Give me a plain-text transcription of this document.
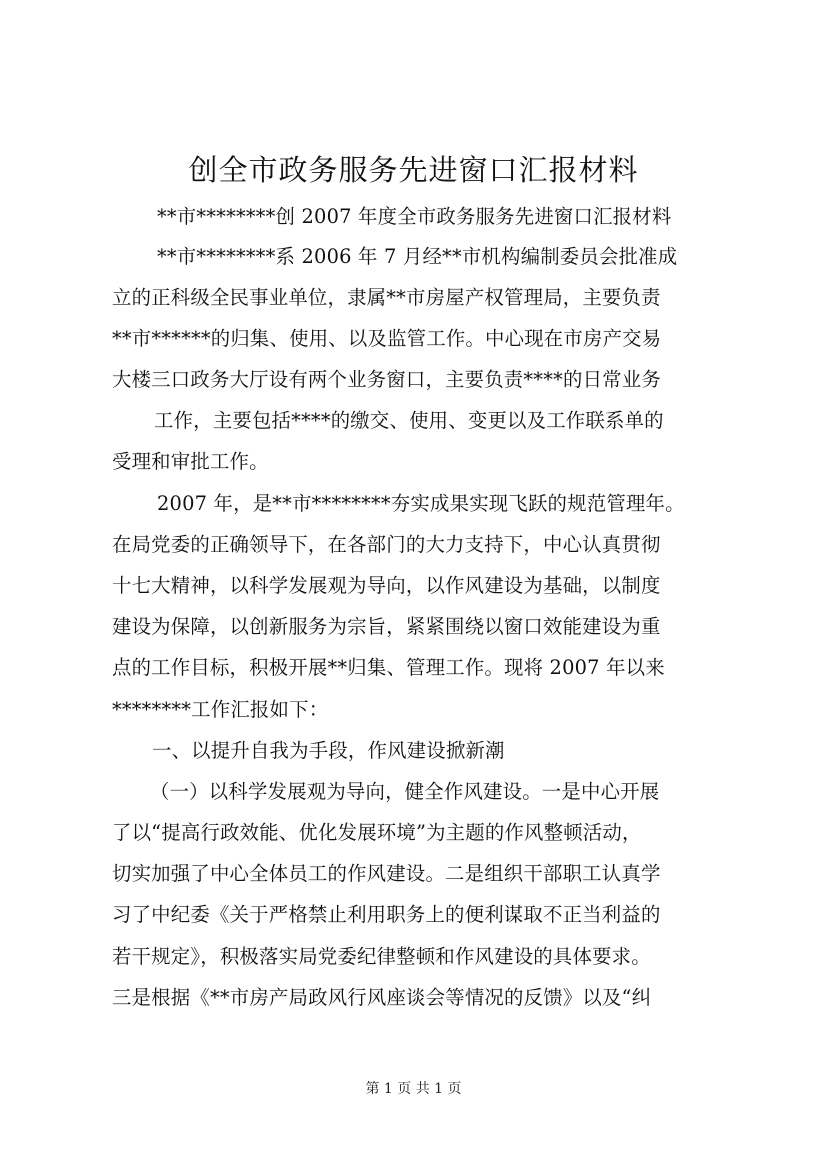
创全市政务服务先进窗口汇报材料
**市********创 2007 年度全市政务服务先进窗口汇报材料
**市********系 2006 年 7 月经**市机构编制委员会批准成
立的正科级全民事业单位，隶属**市房屋产权管理局，主要负责
**市******的归集、使用、以及监管工作。中心现在市房产交易
大楼三口政务大厅设有两个业务窗口，主要负责****的日常业务
工作，主要包括****的缴交、使用、变更以及工作联系单的
受理和审批工作。
2007 年，是**市********夯实成果实现飞跃的规范管理年。
在局党委的正确领导下，在各部门的大力支持下，中心认真贯彻
十七大精神，以科学发展观为导向，以作风建设为基础，以制度
建设为保障，以创新服务为宗旨，紧紧围绕以窗口效能建设为重
点的工作目标，积极开展**归集、管理工作。现将 2007 年以来
********工作汇报如下：
一、以提升自我为手段，作风建设掀新潮
（一）以科学发展观为导向，健全作风建设。一是中心开展
了以“提高行政效能、优化发展环境”为主题的作风整顿活动，
切实加强了中心全体员工的作风建设。二是组织干部职工认真学
习了中纪委《关于严格禁止利用职务上的便利谋取不正当利益的
若干规定》，积极落实局党委纪律整顿和作风建设的具体要求。
三是根据《**市房产局政风行风座谈会等情况的反馈》以及“纠
第 1 页 共 1 页
